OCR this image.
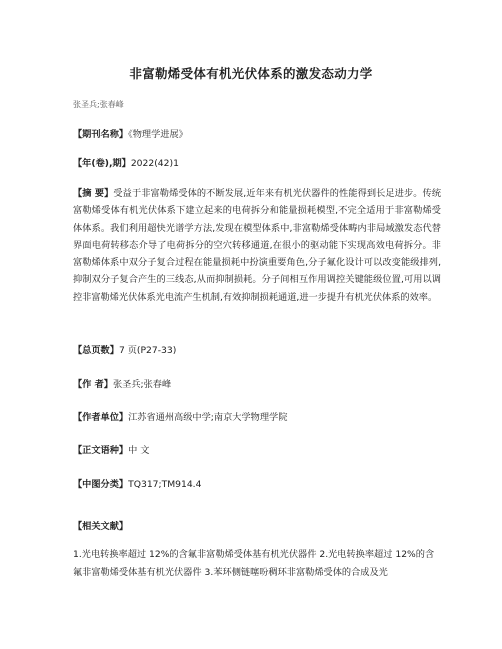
非富勒烯受体有机光伏体系的激发态动力学
张圣兵;张春峰
【期刊名称】《物理学进展》
【年(卷),期】2022(42)1
【摘 要】受益于非富勒烯受体的不断发展,近年来有机光伏器件的性能得到长足进步。传统富勒烯受体有机光伏体系下建立起来的电荷拆分和能量损耗模型,不完全适用于非富勒烯受体体系。我们利用超快光谱学方法,发现在模型体系中,非富勒烯受体畴内非局域激发态代替界面电荷转移态介导了电荷拆分的空穴转移通道,在很小的驱动能下实现高效电荷拆分。非富勒烯体系中双分子复合过程在能量损耗中扮演重要角色,分子氟化设计可以改变能级排列,抑制双分子复合产生的三线态,从而抑制损耗。分子间相互作用调控关键能级位置,可用以调控非富勒烯光伏体系光电流产生机制,有效抑制损耗通道,进一步提升有机光伏体系的效率。
【总页数】7 页(P27-33)
【作 者】张圣兵;张春峰
【作者单位】江苏省通州高级中学;南京大学物理学院
【正文语种】中 文
【中图分类】TQ317;TM914.4
【相关文献】
1.光电转换率超过 12%的含氟非富勒烯受体基有机光伏器件 2.光电转换率超过 12%的含氟非富勒烯受体基有机光伏器件 3.苯环侧链噻吩稠环非富勒烯受体的合成及光
